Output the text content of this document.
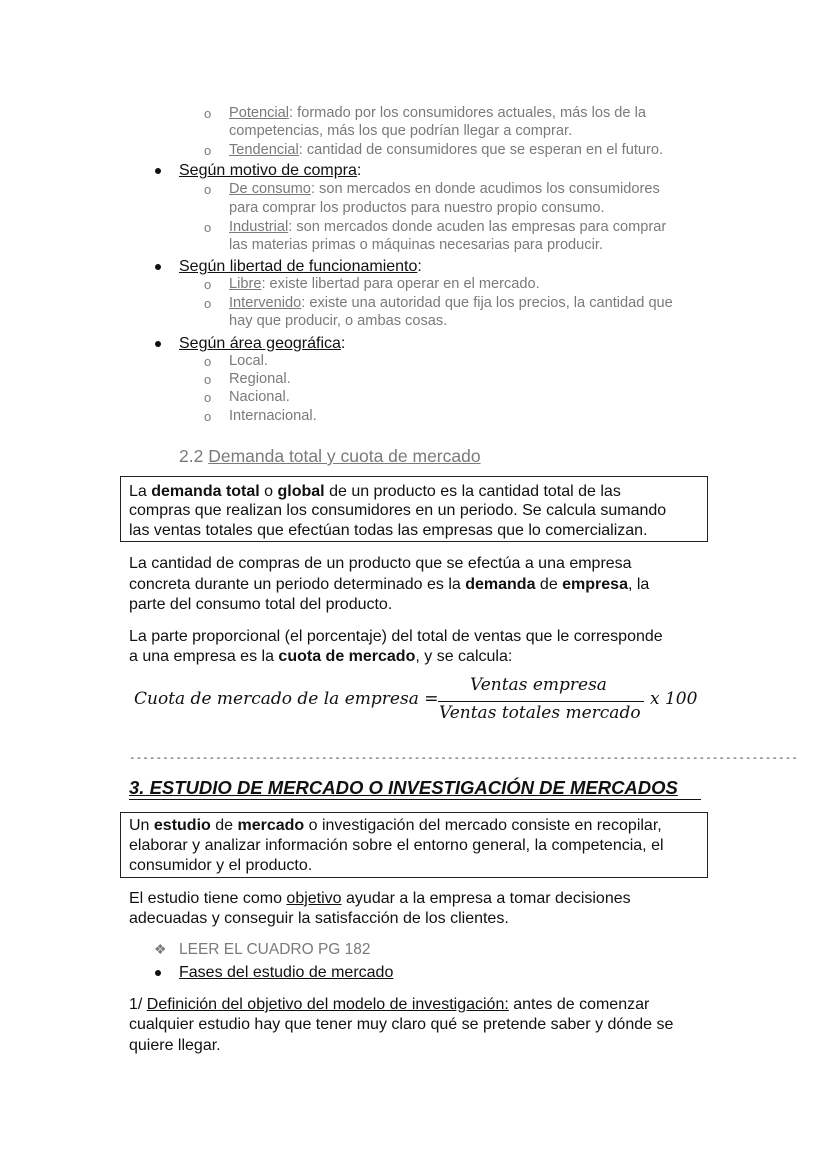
o Potencial: formado por los consumidores actuales, más los de la
competencias, más los que podrían llegar a comprar.
o Tendencial: cantidad de consumidores que se esperan en el futuro.
Según motivo de compra:
o De consumo: son mercados en donde acudimos los consumidores
para comprar los productos para nuestro propio consumo.
o Industrial: son mercados donde acuden las empresas para comprar
las materias primas o máquinas necesarias para producir.
Según libertad de funcionamiento:
o Libre: existe libertad para operar en el mercado.
o Intervenido: existe una autoridad que fija los precios, la cantidad que
hay que producir, o ambas cosas.
Según área geográfica:
o Local.
o Regional.
o Nacional.
o Internacional.
2.2 Demanda total y cuota de mercado
La demanda total o global de un producto es la cantidad total de las
compras que realizan los consumidores en un periodo. Se calcula sumando
las ventas totales que efectúan todas las empresas que lo comercializan.
La cantidad de compras de un producto que se efectúa a una empresa
concreta durante un periodo determinado es la demanda de empresa, la
parte del consumo total del producto.
La parte proporcional (el porcentaje) del total de ventas que le corresponde
a una empresa es la cuota de mercado, y se calcula:
Cuota de mercado de la empresa =
Ventas empresa
Ventas totales mercado
x 100
-----------------------------------------------------------------------------------------------------
3. ESTUDIO DE MERCADO O INVESTIGACIÓN DE MERCADOS
Un estudio de mercado o investigación del mercado consiste en recopilar,
elaborar y analizar información sobre el entorno general, la competencia, el
consumidor y el producto.
El estudio tiene como objetivo ayudar a la empresa a tomar decisiones
adecuadas y conseguir la satisfacción de los clientes.
❖ LEER EL CUADRO PG 182
Fases del estudio de mercado
1/ Definición del objetivo del modelo de investigación: antes de comenzar
cualquier estudio hay que tener muy claro qué se pretende saber y dónde se
quiere llegar.
